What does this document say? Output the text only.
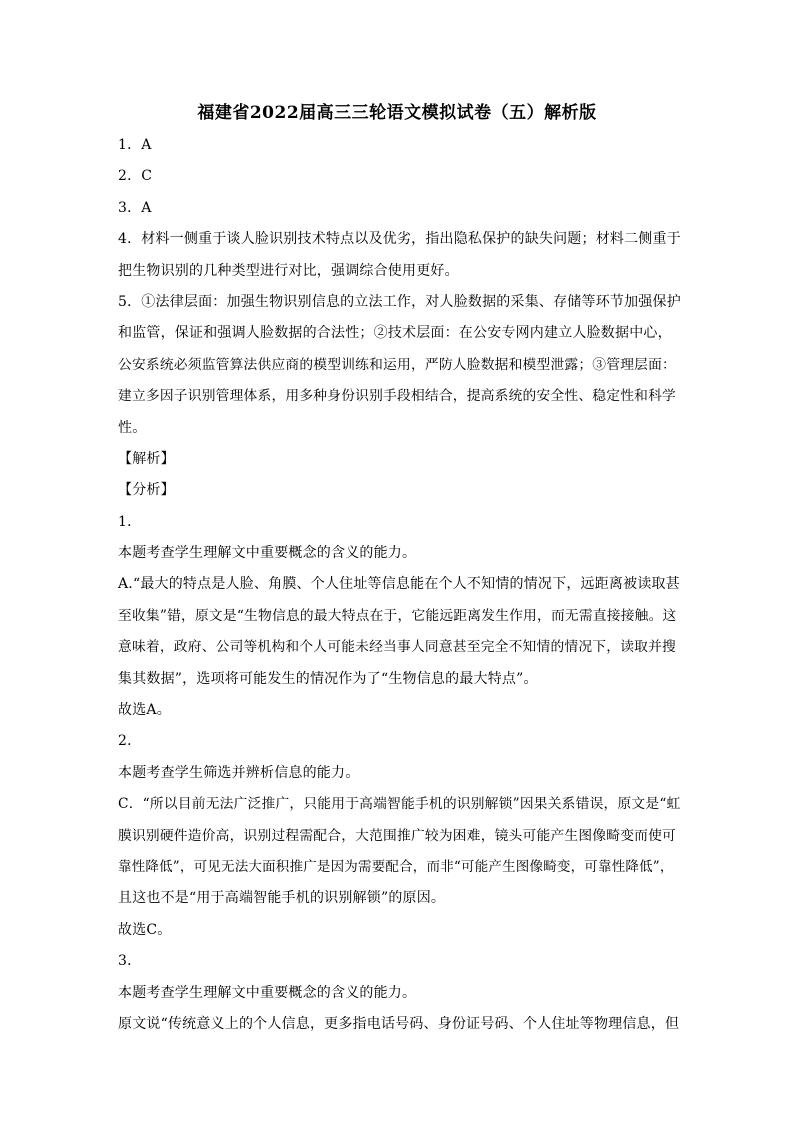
福建省2022届高三三轮语文模拟试卷（五）解析版
1．A
2．C
3．A
4．材料一侧重于谈人脸识别技术特点以及优劣，指出隐私保护的缺失问题；材料二侧重于
把生物识别的几种类型进行对比，强调综合使用更好。
5．①法律层面：加强生物识别信息的立法工作，对人脸数据的采集、存储等环节加强保护
和监管，保证和强调人脸数据的合法性；②技术层面：在公安专网内建立人脸数据中心，
公安系统必须监管算法供应商的模型训练和运用，严防人脸数据和模型泄露；③管理层面：
建立多因子识别管理体系，用多种身份识别手段相结合，提高系统的安全性、稳定性和科学
性。
【解析】
【分析】
1．
本题考查学生理解文中重要概念的含义的能力。
A.“最大的特点是人脸、角膜、个人住址等信息能在个人不知情的情况下，远距离被读取甚
至收集”错，原文是“生物信息的最大特点在于，它能远距离发生作用，而无需直接接触。这
意味着，政府、公司等机构和个人可能未经当事人同意甚至完全不知情的情况下，读取并搜
集其数据”，选项将可能发生的情况作为了“生物信息的最大特点”。
故选A。
2．
本题考查学生筛选并辨析信息的能力。
C．“所以目前无法广泛推广，只能用于高端智能手机的识别解锁”因果关系错误，原文是“虹
膜识别硬件造价高，识别过程需配合，大范围推广较为困难，镜头可能产生图像畸变而使可
靠性降低”，可见无法大面积推广是因为需要配合，而非“可能产生图像畸变，可靠性降低”，
且这也不是“用于高端智能手机的识别解锁”的原因。
故选C。
3．
本题考查学生理解文中重要概念的含义的能力。
原文说“传统意义上的个人信息，更多指电话号码、身份证号码、个人住址等物理信息，但
